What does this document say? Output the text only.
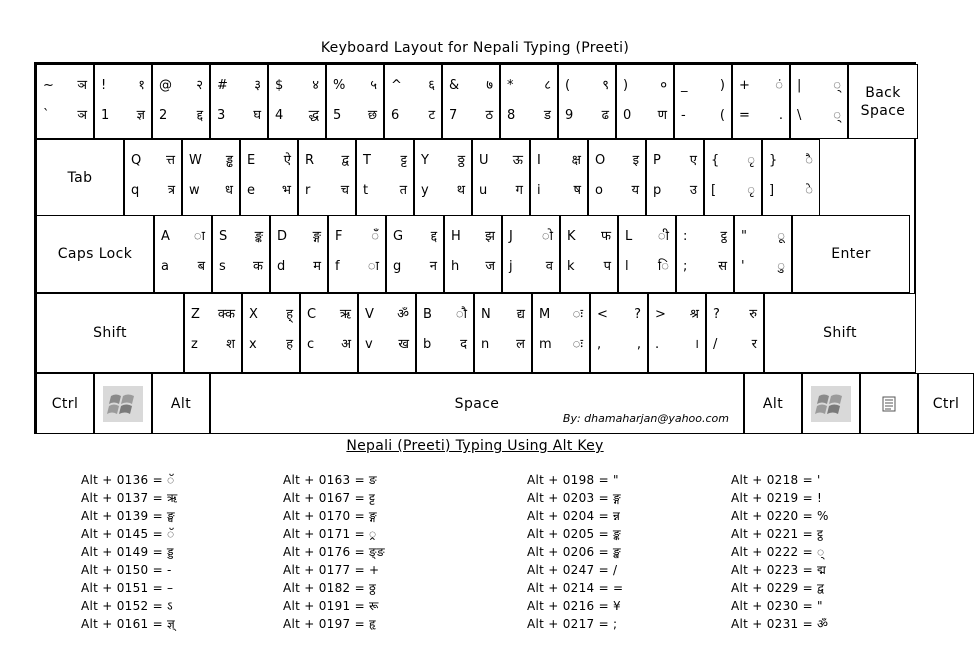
Keyboard Layout for Nepali Typing (Preeti)
~ ञ
` ञ
! १
1 ज्ञ
@ २
2 द्द
# ३
3 घ
$ ४
4 द्ध
% ५
5 छ
^ ६
6 ट
& ७
7 ठ
* ८
8 ड
( ९
9 ढ
) ०
0 ण
_ )
-	(
+ ं
= .
| ्
\ ्
Back
Space
Tab
Q त्त
q त्र
W ड्ढ
w ध
E ऐ
e भ
R द्व
r च
T ट्ट
t त
Y ठ्ठ
y थ
U ऊ
u ग
I क्ष
i	ष
O इ
o य
P ए
p उ
{ ृ
[ ृ
} ै
] े
Caps Lock
A ा
a ब
S ङ्क
s क
D ङ्ग
d म
F ँ
f ा
G द्द
g न
H झ
h ज
J ो
j	व
K फ
k प
L ी
l ि
:	ट्ठ
; स
" ू
'	ु
Enter
Shift
Z क्क
z श
X ह्
x ह
C ऋ
c अ
V ॐ
v ख
B ौ
b द
N द्य
n ल
M ः
m ः
< ?
,	,
> श्र
.	।
? रु
/	र
Shift
Ctrl	Alt	Space
By: dhamaharjan@yahoo.com
Alt	Ctrl
Nepali (Preeti) Typing Using Alt Key
Alt + 0136 = ॅ
Alt + 0137 = ऋ
Alt + 0139 = ङ्घ
Alt + 0145 = ॅ
Alt + 0149 = ड्ड
Alt + 0150 = -
Alt + 0151 = –
Alt + 0152 = ऽ
Alt + 0161 = ज्ञ्
Alt + 0163 = ङ
Alt + 0167 = ट्ट
Alt + 0170 = ङ्ग
Alt + 0171 = ्र
Alt + 0176 = ङ्ङ
Alt + 0177 = +
Alt + 0182 = ठ्ठ
Alt + 0191 = रू
Alt + 0197 = हृ
Alt + 0198 = "
Alt + 0203 = ङ्ग
Alt + 0204 = न्न
Alt + 0205 = ङ्क
Alt + 0206 = ङ्ख
Alt + 0247 = /
Alt + 0214 = =
Alt + 0216 = ¥
Alt + 0217 = ;
Alt + 0218 = '
Alt + 0219 = !
Alt + 0220 = %
Alt + 0221 = ट्ठ
Alt + 0222 = ्
Alt + 0223 = द्म
Alt + 0229 = द्व
Alt + 0230 = "
Alt + 0231 = ॐ
